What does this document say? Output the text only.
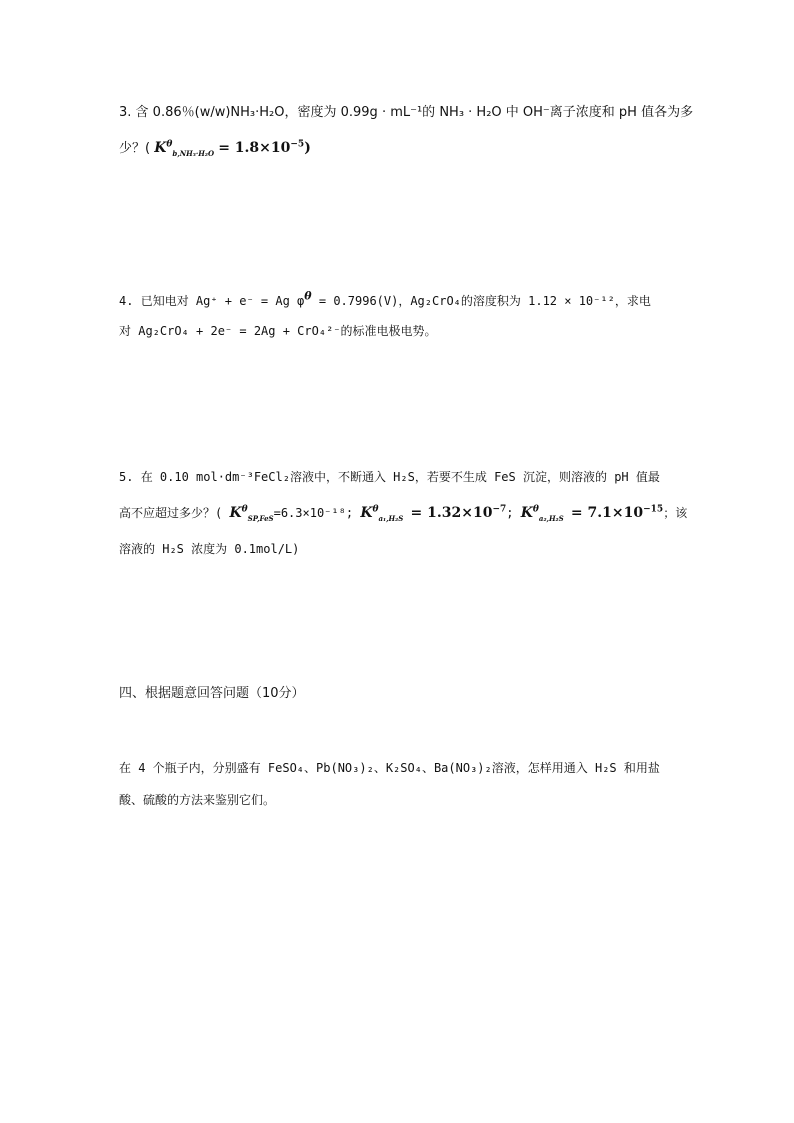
3. 含 0.86％(w/w)NH₃·H₂O，密度为 0.99g · mL⁻¹的 NH₃ · H₂O 中 OH⁻离子浓度和 pH 值各为多
少？( $K^\theta_{b,NH_3\cdot H_2O} = 1.8\times 10^{-5}$)
4. 已知电对 Ag⁺ + e⁻ = Ag $\varphi^\theta = 0.7996(V)$，Ag₂CrO₄的溶度积为 1.12 × 10⁻¹²，求电
对 Ag₂CrO₄ + 2e⁻ = 2Ag + CrO₄²⁻的标准电极电势。
5. 在 0.10 mol·dm⁻³FeCl₂溶液中，不断通入 H₂S，若要不生成 FeS 沉淀，则溶液的 pH 值最
高不应超过多少？( $K^\theta_{SP,FeS}=6.3\times 10^{-18}$; $K^\theta_{a_1,H_2S} = 1.32\times 10^{-7}$; $K^\theta_{a_2,H_2S} = 7.1\times 10^{-15}$；该
溶液的 H₂S 浓度为 0.1mol/L)
四、根据题意回答问题（10分）
在 4 个瓶子内，分别盛有 FeSO₄、Pb(NO₃)₂、K₂SO₄、Ba(NO₃)₂溶液，怎样用通入 H₂S 和用盐
酸、硫酸的方法来鉴别它们。
